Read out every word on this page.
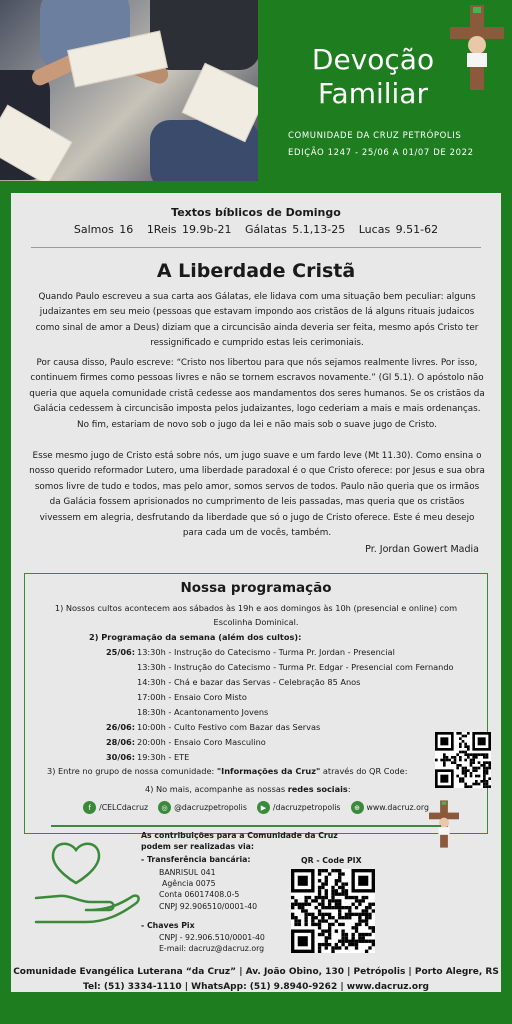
Devoção
Familiar
COMUNIDADE DA CRUZ PETRÓPOLIS
EDIÇÃO 1247 - 25/06 A 01/07 DE 2022
Textos bíblicos de Domingo
Salmos 16 1Reis 19.9b-21 Gálatas 5.1,13-25 Lucas 9.51-62
A Liberdade Cristã
Quando Paulo escreveu a sua carta aos Gálatas, ele lidava com uma situação bem peculiar: alguns judaizantes em seu meio (pessoas que estavam impondo aos cristãos de lá alguns rituais judaicos como sinal de amor a Deus) diziam que a circuncisão ainda deveria ser feita, mesmo após Cristo ter ressignificado e cumprido estas leis cerimoniais.
Por causa disso, Paulo escreve: “Cristo nos libertou para que nós sejamos realmente livres. Por isso, continuem firmes como pessoas livres e não se tornem escravos novamente.” (Gl 5.1). O apóstolo não queria que aquela comunidade cristã cedesse aos mandamentos dos seres humanos. Se os cristãos da Galácia cedessem à circuncisão imposta pelos judaizantes, logo cederiam a mais e mais ordenanças. No fim, estariam de novo sob o jugo da lei e não mais sob o suave jugo de Cristo.
Esse mesmo jugo de Cristo está sobre nós, um jugo suave e um fardo leve (Mt 11.30). Como ensina o nosso querido reformador Lutero, uma liberdade paradoxal é o que Cristo oferece: por Jesus e sua obra somos livre de tudo e todos, mas pelo amor, somos servos de todos. Paulo não queria que os irmãos da Galácia fossem aprisionados no cumprimento de leis passadas, mas queria que os cristãos vivessem em alegria, desfrutando da liberdade que só o jugo de Cristo oferece. Este é meu desejo para cada um de vocês, também.
Pr. Jordan Gowert Madia
Nossa programação
1) Nossos cultos acontecem aos sábados às 19h e aos domingos às 10h (presencial e online) com
Escolinha Dominical.
2) Programação da semana (além dos cultos):
25/06: 13:30h - Instrução do Catecismo - Turma Pr. Jordan - Presencial
13:30h - Instrução do Catecismo - Turma Pr. Edgar - Presencial com Fernando
14:30h - Chá e bazar das Servas - Celebração 85 Anos
17:00h - Ensaio Coro Misto
18:30h - Acantonamento Jovens
26/06: 10:00h - Culto Festivo com Bazar das Servas
28/06: 20:00h - Ensaio Coro Masculino
30/06: 19:30h - ETE
3) Entre no grupo de nossa comunidade: "Informações da Cruz" através do QR Code:
4) No mais, acompanhe as nossas redes sociais:
f	/CELCdacruz	◎ @dacruzpetropolis	▶ /dacruzpetropolis	⊕ www.dacruz.org
As contribuições para a Comunidade da Cruz
podem ser realizadas via:
- Transferência bancária:
BANRISUL 041
Agência 0075
Conta 06017408.0-5
CNPJ 92.906510/0001-40
- Chaves Pix
CNPJ - 92.906.510/0001-40
E-mail: dacruz@dacruz.org
QR - Code PIX
Comunidade Evangélica Luterana “da Cruz” | Av. João Obino, 130 | Petrópolis | Porto Alegre, RS
Tel: (51) 3334-1110 | WhatsApp: (51) 9.8940-9262 | www.dacruz.org
